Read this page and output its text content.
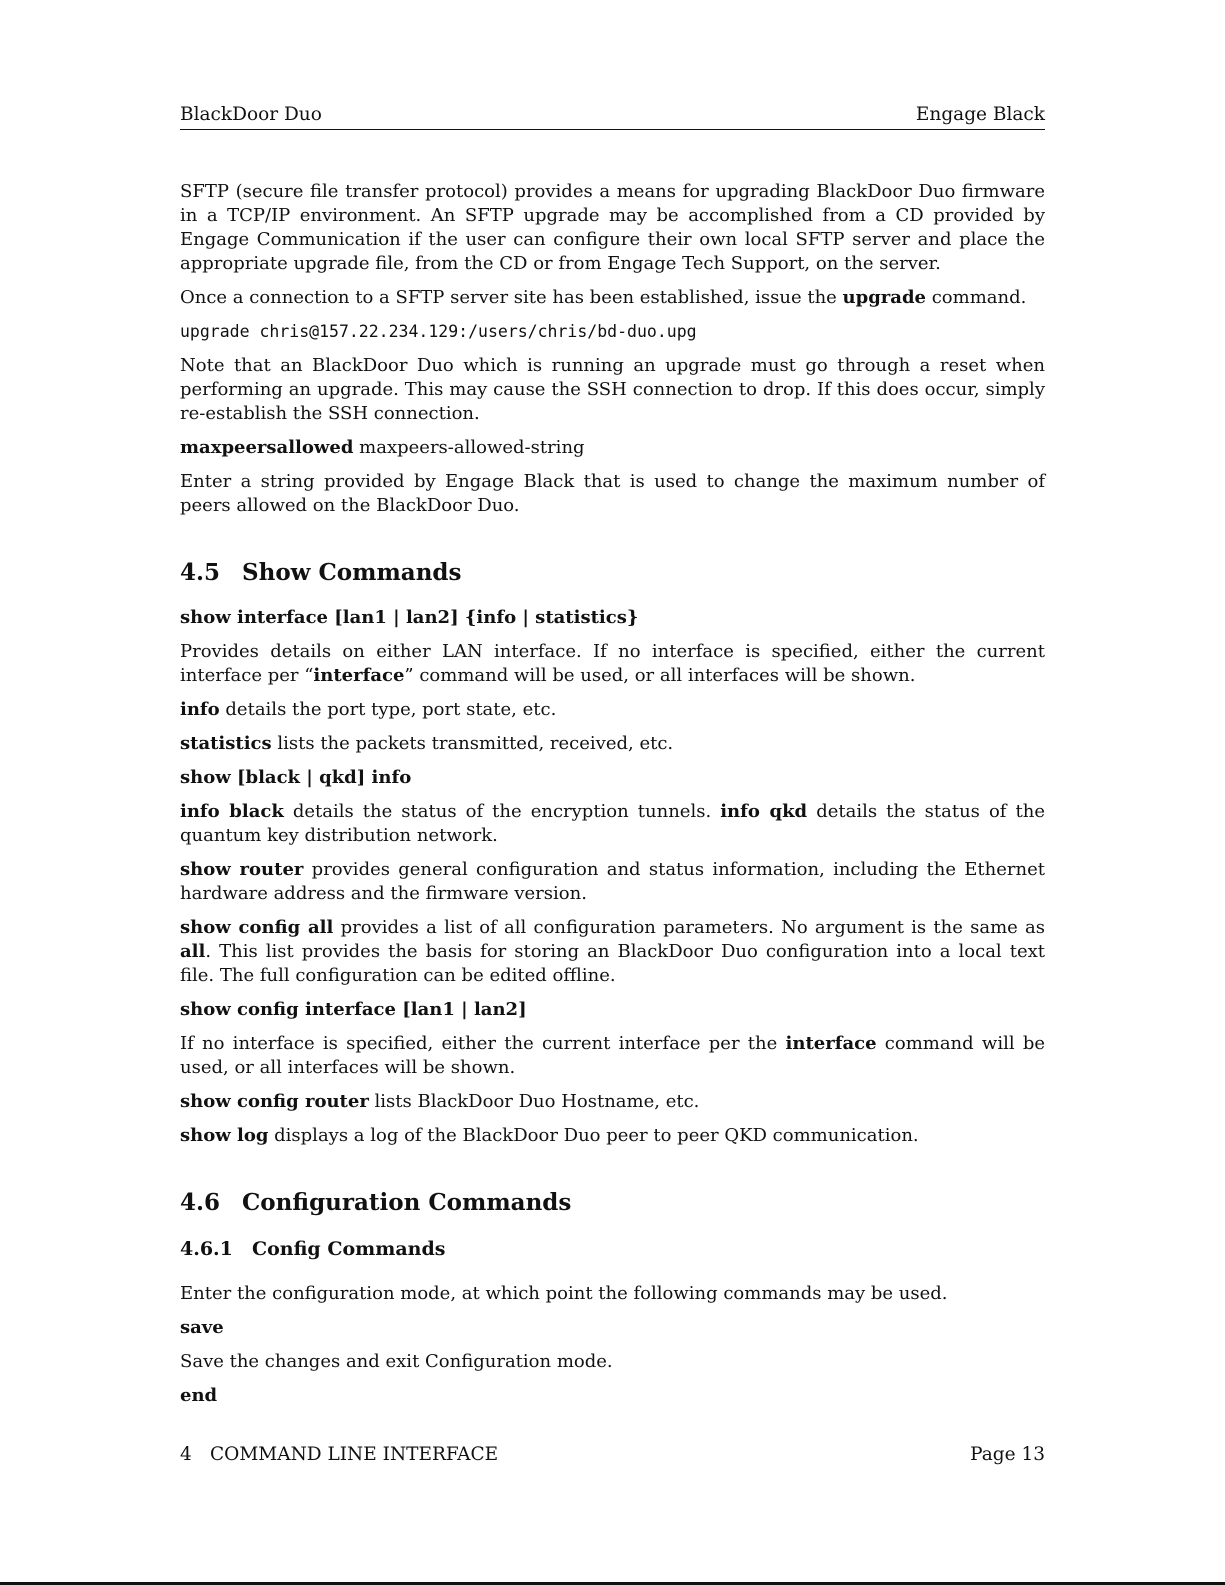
BlackDoor Duo	Engage Black

SFTP (secure file transfer protocol) provides a means for upgrading BlackDoor Duo firmware in a TCP/IP environment. An SFTP upgrade may be accomplished from a CD provided by Engage Communication if the user can configure their own local SFTP server and place the appropriate upgrade file, from the CD or from Engage Tech Support, on the server.

Once a connection to a SFTP server site has been established, issue the upgrade command.

upgrade chris@157.22.234.129:/users/chris/bd-duo.upg

Note that an BlackDoor Duo which is running an upgrade must go through a reset when performing an upgrade. This may cause the SSH connection to drop. If this does occur, simply re-establish the SSH connection.

maxpeersallowed maxpeers-allowed-string

Enter a string provided by Engage Black that is used to change the maximum number of peers allowed on the BlackDoor Duo.

4.5 Show Commands

show interface [lan1 | lan2] {info | statistics}

Provides details on either LAN interface. If no interface is specified, either the current interface per “interface” command will be used, or all interfaces will be shown.

info details the port type, port state, etc.

statistics lists the packets transmitted, received, etc.

show [black | qkd] info

info black details the status of the encryption tunnels. info qkd details the status of the quantum key distribution network.

show router provides general configuration and status information, including the Ethernet hardware address and the firmware version.

show config all provides a list of all configuration parameters. No argument is the same as all. This list provides the basis for storing an BlackDoor Duo configuration into a local text file. The full configuration can be edited offline.

show config interface [lan1 | lan2]

If no interface is specified, either the current interface per the interface command will be used, or all interfaces will be shown.

show config router lists BlackDoor Duo Hostname, etc.

show log displays a log of the BlackDoor Duo peer to peer QKD communication.

4.6 Configuration Commands
4.6.1 Config Commands

Enter the configuration mode, at which point the following commands may be used.

save

Save the changes and exit Configuration mode.

end

4 COMMAND LINE INTERFACE	Page 13
